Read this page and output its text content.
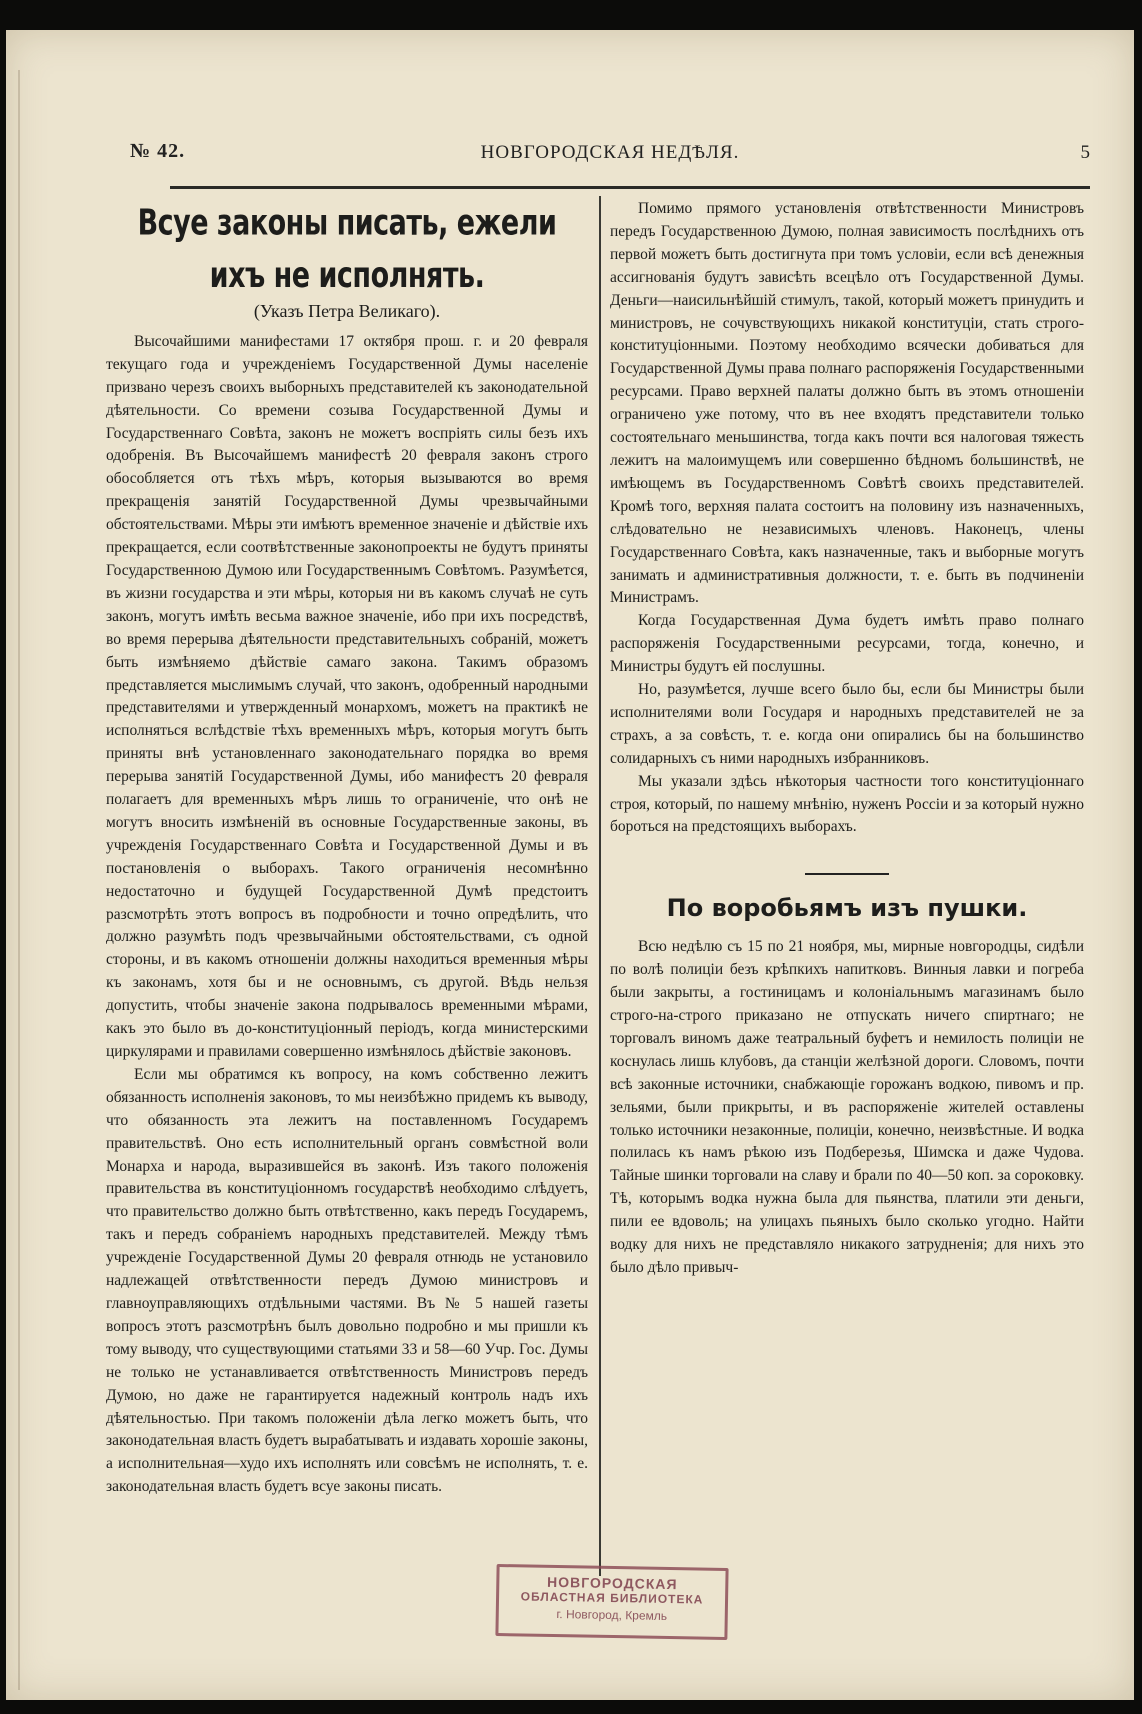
№ 42.	НОВГОРОДСКАЯ НЕДѢЛЯ.	5
Всуе законы писать, ежели ихъ не исполнять.
(Указъ Петра Великаго).

Высочайшими манифестами 17 октября прош. г. и 20 февраля текущаго года и учрежденіемъ Государственной Думы населеніе призвано черезъ своихъ выборныхъ представителей къ законодательной дѣятельности. Со времени созыва Государственной Думы и Государственнаго Совѣта, законъ не можетъ воспріять силы безъ ихъ одобренія. Въ Высочайшемъ манифестѣ 20 февраля законъ строго обособляется отъ тѣхъ мѣръ, которыя вызываются во время прекращенія занятій Государственной Думы чрезвычайными обстоятельствами. Мѣры эти имѣютъ временное значеніе и дѣйствіе ихъ прекращается, если соотвѣтственные законопроекты не будутъ приняты Государственною Думою или Государственнымъ Совѣтомъ. Разумѣется, въ жизни государства и эти мѣры, которыя ни въ какомъ случаѣ не суть законъ, могутъ имѣть весьма важное значеніе, ибо при ихъ посредствѣ, во время перерыва дѣятельности представительныхъ собраній, можетъ быть измѣняемо дѣйствіе самаго закона. Такимъ образомъ представляется мыслимымъ случай, что законъ, одобренный народными представителями и утвержденный монархомъ, можетъ на практикѣ не исполняться вслѣдствіе тѣхъ временныхъ мѣръ, которыя могутъ быть приняты внѣ установленнаго законодательнаго порядка во время перерыва занятій Государственной Думы, ибо манифестъ 20 февраля полагаетъ для временныхъ мѣръ лишь то ограниченіе, что онѣ не могутъ вносить измѣненій въ основные Государственные законы, въ учрежденія Государственнаго Совѣта и Государственной Думы и въ постановленія о выборахъ. Такого ограниченія несомнѣнно недостаточно и будущей Государственной Думѣ предстоитъ разсмотрѣть этотъ вопросъ въ подробности и точно опредѣлить, что должно разумѣть подъ чрезвычайными обстоятельствами, съ одной стороны, и въ какомъ отношеніи должны находиться временныя мѣры къ законамъ, хотя бы и не основнымъ, съ другой. Вѣдь нельзя допустить, чтобы значеніе закона подрывалось временными мѣрами, какъ это было въ до-конституціонный періодъ, когда министерскими циркулярами и правилами совершенно измѣнялось дѣйствіе законовъ.

Если мы обратимся къ вопросу, на комъ собственно лежитъ обязанность исполненія законовъ, то мы неизбѣжно придемъ къ выводу, что обязанность эта лежитъ на поставленномъ Государемъ правительствѣ. Оно есть исполнительный органъ совмѣстной воли Монарха и народа, выразившейся въ законѣ. Изъ такого положенія правительства въ конституціонномъ государствѣ необходимо слѣдуетъ, что правительство должно быть отвѣтственно, какъ передъ Государемъ, такъ и передъ собраніемъ народныхъ представителей. Между тѣмъ учрежденіе Государственной Думы 20 февраля отнюдь не установило надлежащей отвѣтственности передъ Думою министровъ и главноуправляющихъ отдѣльными частями. Въ № 5 нашей газеты вопросъ этотъ разсмотрѣнъ былъ довольно подробно и мы пришли къ тому выводу, что существующими статьями 33 и 58—60 Учр. Гос. Думы не только не устанавливается отвѣтственность Министровъ передъ Думою, но даже не гарантируется надежный контроль надъ ихъ дѣятельностью. При такомъ положеніи дѣла легко можетъ быть, что законодательная власть будетъ вырабатывать и издавать хорошіе законы, а исполнительная—худо ихъ исполнять или совсѣмъ не исполнять, т. е. законодательная власть будетъ всуе законы писать.

Помимо прямого установленія отвѣтственности Министровъ передъ Государственною Думою, полная зависимость послѣднихъ отъ первой можетъ быть достигнута при томъ условіи, если всѣ денежныя ассигнованія будутъ зависѣть всецѣло отъ Государственной Думы. Деньги—наисильнѣйшій стимулъ, такой, который можетъ принудить и министровъ, не сочувствующихъ никакой конституціи, стать строго-конституціонными. Поэтому необходимо всячески добиваться для Государственной Думы права полнаго распоряженія Государственными ресурсами. Право верхней палаты должно быть въ этомъ отношеніи ограничено уже потому, что въ нее входятъ представители только состоятельнаго меньшинства, тогда какъ почти вся налоговая тяжесть лежитъ на малоимущемъ или совершенно бѣдномъ большинствѣ, не имѣющемъ въ Государственномъ Совѣтѣ своихъ представителей. Кромѣ того, верхняя палата состоитъ на половину изъ назначенныхъ, слѣдовательно не независимыхъ членовъ. Наконецъ, члены Государственнаго Совѣта, какъ назначенные, такъ и выборные могутъ занимать и административныя должности, т. е. быть въ подчиненіи Министрамъ.

Когда Государственная Дума будетъ имѣть право полнаго распоряженія Государственными ресурсами, тогда, конечно, и Министры будутъ ей послушны.

Но, разумѣется, лучше всего было бы, если бы Министры были исполнителями воли Государя и народныхъ представителей не за страхъ, а за совѣсть, т. е. когда они опирались бы на большинство солидарныхъ съ ними народныхъ избранниковъ.

Мы указали здѣсь нѣкоторыя частности того конституціоннаго строя, который, по нашему мнѣнію, нуженъ Россіи и за который нужно бороться на предстоящихъ выборахъ.

По воробьямъ изъ пушки.

Всю недѣлю съ 15 по 21 ноября, мы, мирные новгородцы, сидѣли по волѣ полиціи безъ крѣпкихъ напитковъ. Винныя лавки и погреба были закрыты, а гостиницамъ и колоніальнымъ магазинамъ было строго-на-строго приказано не отпускать ничего спиртнаго; не торговалъ виномъ даже театральный буфетъ и немилость полиціи не коснулась лишь клубовъ, да станціи желѣзной дороги. Словомъ, почти всѣ законные источники, снабжающіе горожанъ водкою, пивомъ и пр. зельями, были прикрыты, и въ распоряженіе жителей оставлены только источники незаконные, полиціи, конечно, неизвѣстные. И водка полилась къ намъ рѣкою изъ Подберезья, Шимска и даже Чудова. Тайные шинки торговали на славу и брали по 40—50 коп. за сороковку. Тѣ, которымъ водка нужна была для пьянства, платили эти деньги, пили ее вдоволь; на улицахъ пьяныхъ было сколько угодно. Найти водку для нихъ не представляло никакого затрудненія; для нихъ это было дѣло привыч-

НОВГОРОДСКАЯ
ОБЛАСТНАЯ БИБЛИОТЕКА
г. Новгород, Кремль
